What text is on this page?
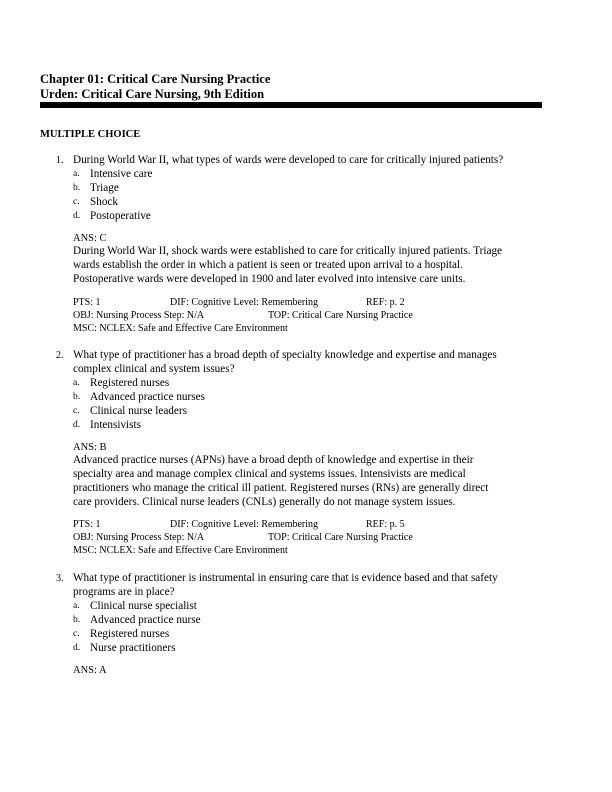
Chapter 01: Critical Care Nursing Practice
Urden: Critical Care Nursing, 9th Edition
MULTIPLE CHOICE
1. During World War II, what types of wards were developed to care for critically injured patients?
a. Intensive care
b. Triage
c. Shock
d. Postoperative
ANS: C
During World War II, shock wards were established to care for critically injured patients. Triage
wards establish the order in which a patient is seen or treated upon arrival to a hospital.
Postoperative wards were developed in 1900 and later evolved into intensive care units.
PTS: 1	DIF: Cognitive Level: Remembering	REF: p. 2
OBJ: Nursing Process Step: N/A	TOP: Critical Care Nursing Practice
MSC: NCLEX: Safe and Effective Care Environment
2. What type of practitioner has a broad depth of specialty knowledge and expertise and manages
complex clinical and system issues?
a. Registered nurses
b. Advanced practice nurses
c. Clinical nurse leaders
d. Intensivists
ANS: B
Advanced practice nurses (APNs) have a broad depth of knowledge and expertise in their
specialty area and manage complex clinical and systems issues. Intensivists are medical
practitioners who manage the critical ill patient. Registered nurses (RNs) are generally direct
care providers. Clinical nurse leaders (CNLs) generally do not manage system issues.
PTS: 1	DIF: Cognitive Level: Remembering	REF: p. 5
OBJ: Nursing Process Step: N/A	TOP: Critical Care Nursing Practice
MSC: NCLEX: Safe and Effective Care Environment
3. What type of practitioner is instrumental in ensuring care that is evidence based and that safety
programs are in place?
a. Clinical nurse specialist
b. Advanced practice nurse
c. Registered nurses
d. Nurse practitioners
ANS: A
